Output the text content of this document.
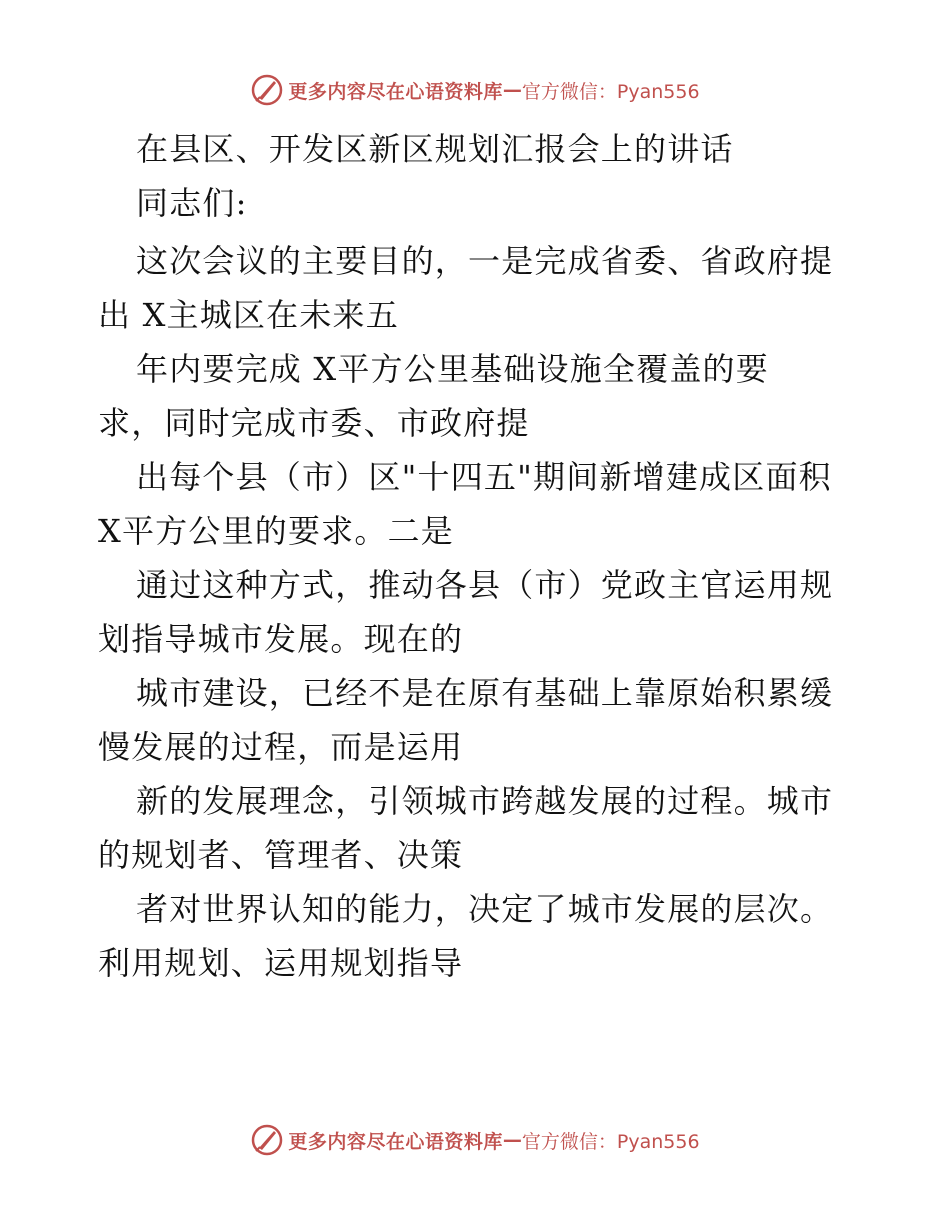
更多内容尽在心语资料库 — 官方微信：Pyan556
在县区、开发区新区规划汇报会上的讲话
同志们:
这次会议的主要目的，一是完成省委、省政府提
出 X主城区在未来五
年内要完成 X平方公里基础设施全覆盖的要
求，同时完成市委、市政府提
出每个县（市）区"十四五"期间新增建成区面积
X平方公里的要求。二是
通过这种方式，推动各县（市）党政主官运用规
划指导城市发展。现在的
城市建设，已经不是在原有基础上靠原始积累缓
慢发展的过程，而是运用
新的发展理念，引领城市跨越发展的过程。城市
的规划者、管理者、决策
者对世界认知的能力，决定了城市发展的层次。
利用规划、运用规划指导
更多内容尽在心语资料库 — 官方微信：Pyan556
